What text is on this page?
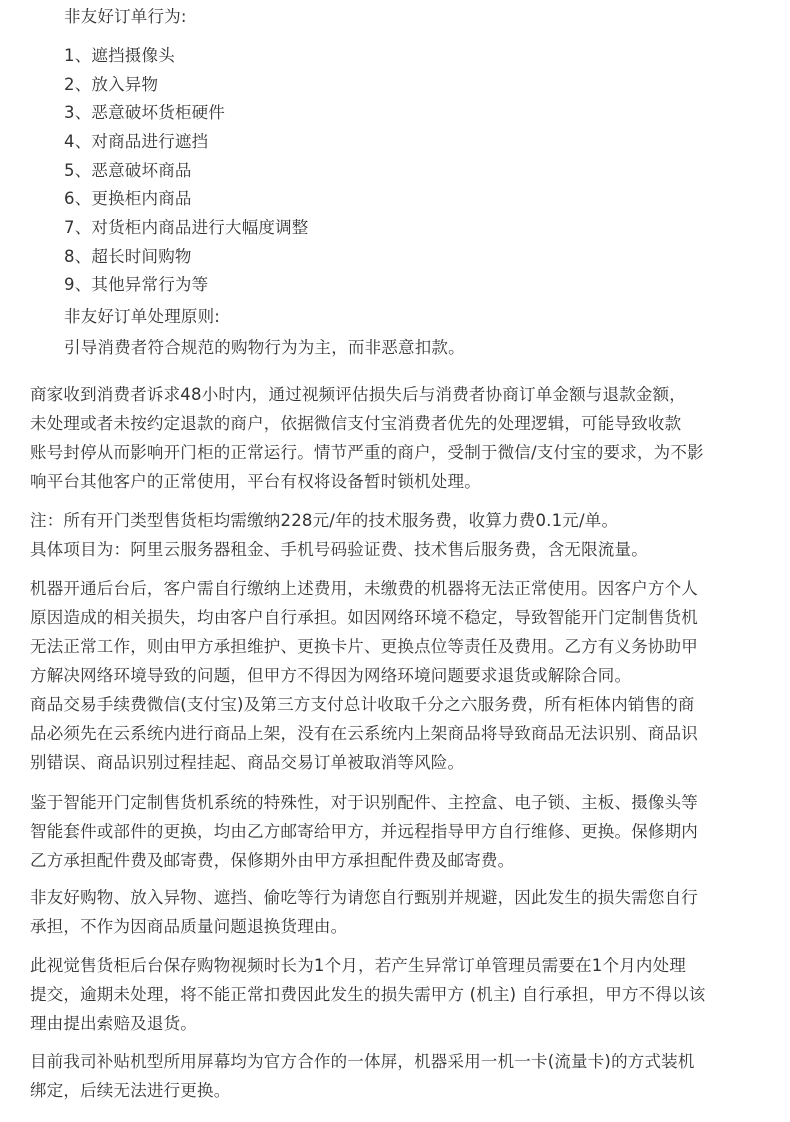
非友好订单行为:
1、遮挡摄像头
2、放入异物
3、恶意破坏货柜硬件
4、对商品进行遮挡
5、恶意破坏商品
6、更换柜内商品
7、对货柜内商品进行大幅度调整
8、超长时间购物
9、其他异常行为等
非友好订单处理原则:
引导消费者符合规范的购物行为为主，而非恶意扣款。
商家收到消费者诉求48小时内，通过视频评估损失后与消费者协商订单金额与退款金额，
未处理或者未按约定退款的商户，依据微信支付宝消费者优先的处理逻辑，可能导致收款
账号封停从而影响开门柜的正常运行。情节严重的商户，受制于微信/支付宝的要求，为不影
响平台其他客户的正常使用，平台有权将设备暂时锁机处理。
注：所有开门类型售货柜均需缴纳228元/年的技术服务费，收算力费0.1元/单。
具体项目为：阿里云服务器租金、手机号码验证费、技术售后服务费，含无限流量。
机器开通后台后，客户需自行缴纳上述费用，未缴费的机器将无法正常使用。因客户方个人
原因造成的相关损失，均由客户自行承担。如因网络环境不稳定，导致智能开门定制售货机
无法正常工作，则由甲方承担维护、更换卡片、更换点位等责任及费用。乙方有义务协助甲
方解决网络环境导致的问题，但甲方不得因为网络环境问题要求退货或解除合同。
商品交易手续费微信(支付宝)及第三方支付总计收取千分之六服务费，所有柜体内销售的商
品必须先在云系统内进行商品上架，没有在云系统内上架商品将导致商品无法识别、商品识
别错误、商品识别过程挂起、商品交易订单被取消等风险。
鉴于智能开门定制售货机系统的特殊性，对于识别配件、主控盒、电子锁、主板、摄像头等
智能套件或部件的更换，均由乙方邮寄给甲方，并远程指导甲方自行维修、更换。保修期内
乙方承担配件费及邮寄费，保修期外由甲方承担配件费及邮寄费。
非友好购物、放入异物、遮挡、偷吃等行为请您自行甄别并规避，因此发生的损失需您自行
承担，不作为因商品质量问题退换货理由。
此视觉售货柜后台保存购物视频时长为1个月，若产生异常订单管理员需要在1个月内处理
提交，逾期未处理，将不能正常扣费因此发生的损失需甲方 (机主) 自行承担，甲方不得以该
理由提出索赔及退货。
目前我司补贴机型所用屏幕均为官方合作的一体屏，机器采用一机一卡(流量卡)的方式装机
绑定，后续无法进行更换。
